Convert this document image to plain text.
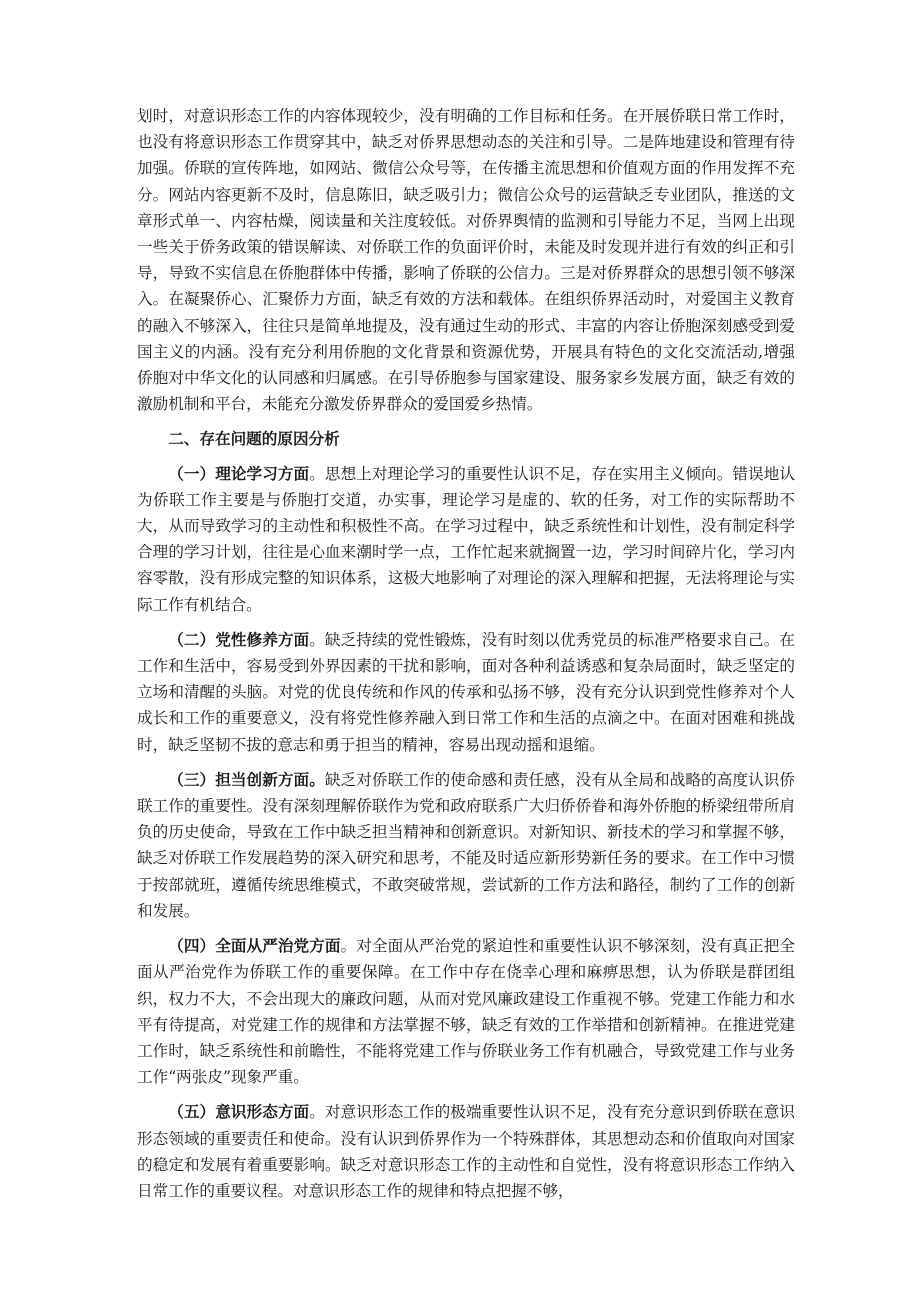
划时，对意识形态工作的内容体现较少，没有明确的工作目标和任务。在开展侨联日常工作时，也没有将意识形态工作贯穿其中，缺乏对侨界思想动态的关注和引导。二是阵地建设和管理有待加强。侨联的宣传阵地，如网站、微信公众号等，在传播主流思想和价值观方面的作用发挥不充分。网站内容更新不及时，信息陈旧，缺乏吸引力；微信公众号的运营缺乏专业团队，推送的文章形式单一、内容枯燥，阅读量和关注度较低。对侨界舆情的监测和引导能力不足，当网上出现一些关于侨务政策的错误解读、对侨联工作的负面评价时，未能及时发现并进行有效的纠正和引导，导致不实信息在侨胞群体中传播，影响了侨联的公信力。三是对侨界群众的思想引领不够深入。在凝聚侨心、汇聚侨力方面，缺乏有效的方法和载体。在组织侨界活动时，对爱国主义教育的融入不够深入，往往只是简单地提及，没有通过生动的形式、丰富的内容让侨胞深刻感受到爱国主义的内涵。没有充分利用侨胞的文化背景和资源优势，开展具有特色的文化交流活动,增强侨胞对中华文化的认同感和归属感。在引导侨胞参与国家建设、服务家乡发展方面，缺乏有效的激励机制和平台，未能充分激发侨界群众的爱国爱乡热情。

二、存在问题的原因分析

（一）理论学习方面。思想上对理论学习的重要性认识不足，存在实用主义倾向。错误地认为侨联工作主要是与侨胞打交道，办实事，理论学习是虚的、软的任务，对工作的实际帮助不大，从而导致学习的主动性和积极性不高。在学习过程中，缺乏系统性和计划性，没有制定科学合理的学习计划，往往是心血来潮时学一点，工作忙起来就搁置一边，学习时间碎片化，学习内容零散，没有形成完整的知识体系，这极大地影响了对理论的深入理解和把握，无法将理论与实际工作有机结合。

（二）党性修养方面。缺乏持续的党性锻炼，没有时刻以优秀党员的标准严格要求自己。在工作和生活中，容易受到外界因素的干扰和影响，面对各种利益诱惑和复杂局面时，缺乏坚定的立场和清醒的头脑。对党的优良传统和作风的传承和弘扬不够，没有充分认识到党性修养对个人成长和工作的重要意义，没有将党性修养融入到日常工作和生活的点滴之中。在面对困难和挑战时，缺乏坚韧不拔的意志和勇于担当的精神，容易出现动摇和退缩。

（三）担当创新方面。缺乏对侨联工作的使命感和责任感，没有从全局和战略的高度认识侨联工作的重要性。没有深刻理解侨联作为党和政府联系广大归侨侨眷和海外侨胞的桥梁纽带所肩负的历史使命，导致在工作中缺乏担当精神和创新意识。对新知识、新技术的学习和掌握不够，缺乏对侨联工作发展趋势的深入研究和思考，不能及时适应新形势新任务的要求。在工作中习惯于按部就班，遵循传统思维模式，不敢突破常规，尝试新的工作方法和路径，制约了工作的创新和发展。

（四）全面从严治党方面。对全面从严治党的紧迫性和重要性认识不够深刻，没有真正把全面从严治党作为侨联工作的重要保障。在工作中存在侥幸心理和麻痹思想，认为侨联是群团组织，权力不大，不会出现大的廉政问题，从而对党风廉政建设工作重视不够。党建工作能力和水平有待提高，对党建工作的规律和方法掌握不够，缺乏有效的工作举措和创新精神。在推进党建工作时，缺乏系统性和前瞻性，不能将党建工作与侨联业务工作有机融合，导致党建工作与业务工作“两张皮”现象严重。

（五）意识形态方面。对意识形态工作的极端重要性认识不足，没有充分意识到侨联在意识形态领域的重要责任和使命。没有认识到侨界作为一个特殊群体，其思想动态和价值取向对国家的稳定和发展有着重要影响。缺乏对意识形态工作的主动性和自觉性，没有将意识形态工作纳入日常工作的重要议程。对意识形态工作的规律和特点把握不够，
